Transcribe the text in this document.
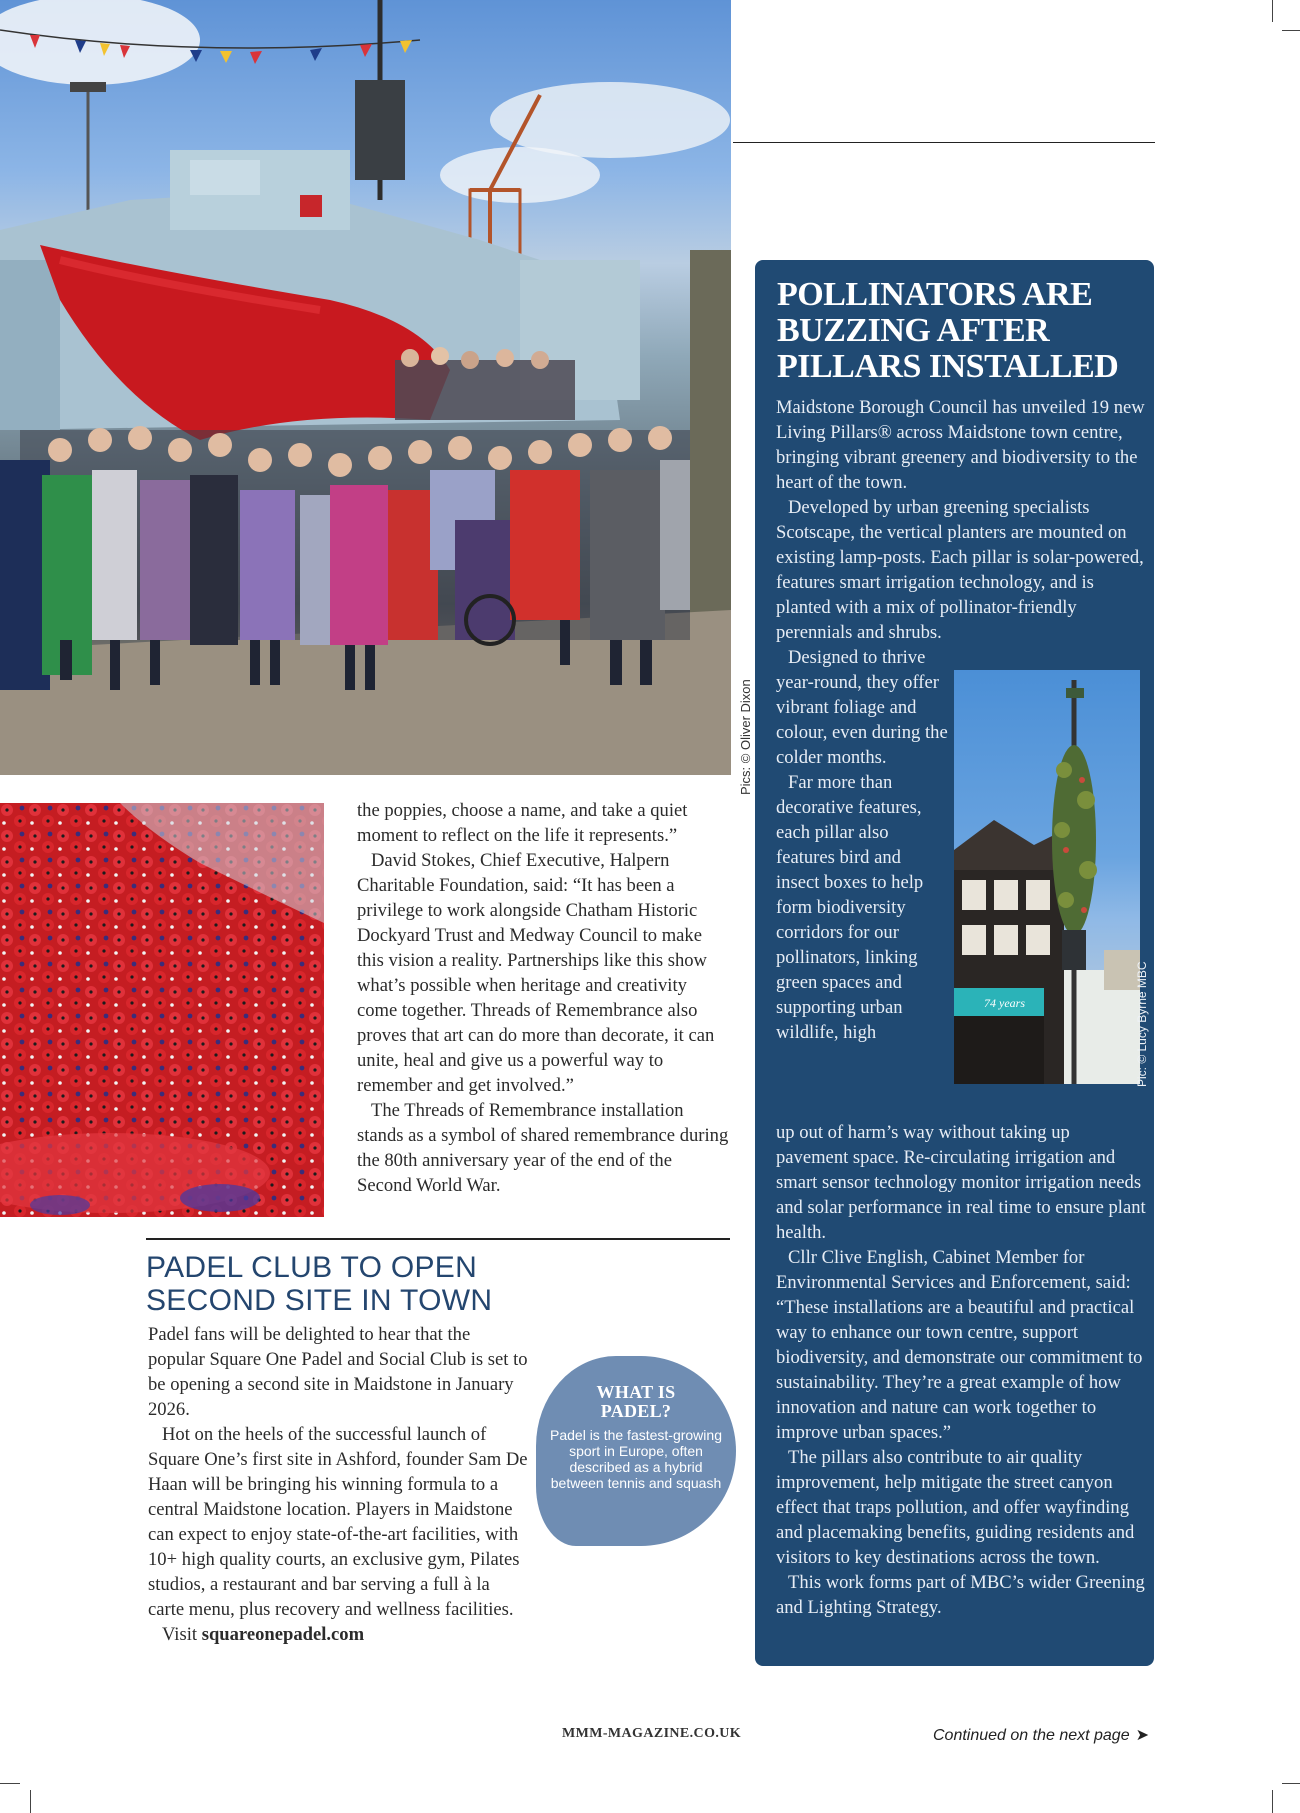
Pics: © Oliver Dixon

the poppies, choose a name, and take a quiet moment to reflect on the life it represents.”

David Stokes, Chief Executive, Halpern Charitable Foundation, said: “It has been a privilege to work alongside Chatham Historic Dockyard Trust and Medway Council to make this vision a reality. Partnerships like this show what’s possible when heritage and creativity come together. Threads of Remembrance also proves that art can do more than decorate, it can unite, heal and give us a powerful way to remember and get involved.”

The Threads of Remembrance installation stands as a symbol of shared remembrance during the 80th anniversary year of the end of the Second World War.

PADEL CLUB TO OPEN SECOND SITE IN TOWN

Padel fans will be delighted to hear that the popular Square One Padel and Social Club is set to be opening a second site in Maidstone in January 2026.

Hot on the heels of the successful launch of Square One’s first site in Ashford, founder Sam De Haan will be bringing his winning formula to a central Maidstone location. Players in Maidstone can expect to enjoy state-of-the-art facilities, with 10+ high quality courts, an exclusive gym, Pilates studios, a restaurant and bar serving a full à la carte menu, plus recovery and wellness facilities.

Visit squareonepadel.com

WHAT IS PADEL?
Padel is the fastest-growing sport in Europe, often described as a hybrid between tennis and squash
POLLINATORS ARE BUZZING AFTER PILLARS INSTALLED

Maidstone Borough Council has unveiled 19 new Living Pillars® across Maidstone town centre, bringing vibrant greenery and biodiversity to the heart of the town.

Developed by urban greening specialists Scotscape, the vertical planters are mounted on existing lamp-posts. Each pillar is solar-powered, features smart irrigation technology, and is planted with a mix of pollinator-friendly perennials and shrubs.

Designed to thrive year-round, they offer vibrant foliage and colour, even during the colder months.

Far more than decorative features, each pillar also features bird and insect boxes to help form biodiversity corridors for our pollinators, linking green spaces and supporting urban wildlife, high

74 years	Pic: © Lucy Byrne MBC

up out of harm’s way without taking up pavement space. Re-circulating irrigation and smart sensor technology monitor irrigation needs and solar performance in real time to ensure plant health.

Cllr Clive English, Cabinet Member for Environmental Services and Enforcement, said: “These installations are a beautiful and practical way to enhance our town centre, support biodiversity, and demonstrate our commitment to sustainability. They’re a great example of how innovation and nature can work together to improve urban spaces.”

The pillars also contribute to air quality improvement, help mitigate the street canyon effect that traps pollution, and offer wayfinding and placemaking benefits, guiding residents and visitors to key destinations across the town.

This work forms part of MBC’s wider Greening and Lighting Strategy.

MMM-MAGAZINE.CO.UK	Continued on the next page ➤
